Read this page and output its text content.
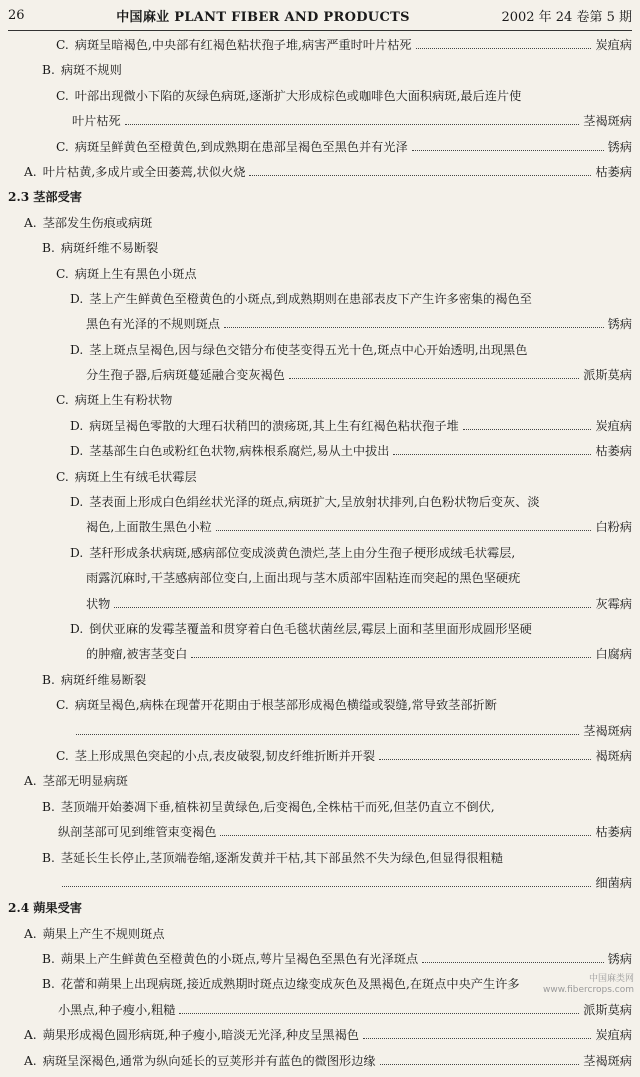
26	中国麻业 PLANT FIBER AND PRODUCTS	2002 年 24 卷第 5 期
C. 病斑呈暗褐色,中央部有红褐色粘状孢子堆,病害严重时叶片枯死	炭疽病
B. 病斑不规则
C. 叶部出现微小下陷的灰绿色病斑,逐渐扩大形成棕色或咖啡色大面积病斑,最后连片使
叶片枯死	茎褐斑病
C. 病斑呈鲜黄色至橙黄色,到成熟期在患部呈褐色至黑色并有光泽	锈病
A. 叶片枯黄,多成片或全田萎蔫,状似火烧	枯萎病
2.3 茎部受害
A. 茎部发生伤痕或病斑
B. 病斑纤维不易断裂
C. 病斑上生有黑色小斑点
D. 茎上产生鲜黄色至橙黄色的小斑点,到成熟期则在患部表皮下产生许多密集的褐色至
黑色有光泽的不规则斑点	锈病
D. 茎上斑点呈褐色,因与绿色交错分布使茎变得五光十色,斑点中心开始透明,出现黑色
分生孢子器,后病斑蔓延融合变灰褐色	派斯莫病
C. 病斑上生有粉状物
D. 病斑呈褐色零散的大理石状稍凹的溃疡斑,其上生有红褐色粘状孢子堆	炭疽病
D. 茎基部生白色或粉红色状物,病株根系腐烂,易从土中拔出	枯萎病
C. 病斑上生有绒毛状霉层
D. 茎表面上形成白色绢丝状光泽的斑点,病斑扩大,呈放射状排列,白色粉状物后变灰、淡
褐色,上面散生黑色小粒	白粉病
D. 茎秆形成条状病斑,感病部位变成淡黄色溃烂,茎上由分生孢子梗形成绒毛状霉层,
雨露沉麻时,干茎感病部位变白,上面出现与茎木质部牢固粘连而突起的黑色坚硬疣
状物	灰霉病
D. 倒伏亚麻的发霉茎覆盖和贯穿着白色毛毯状菌丝层,霉层上面和茎里面形成圆形坚硬
的肿瘤,被害茎变白	白腐病
B. 病斑纤维易断裂
C. 病斑呈褐色,病株在现蕾开花期由于根茎部形成褐色横缢或裂缝,常导致茎部折断
茎褐斑病
C. 茎上形成黑色突起的小点,表皮破裂,韧皮纤维折断并开裂	褐斑病
A. 茎部无明显病斑
B. 茎顶端开始萎凋下垂,植株初呈黄绿色,后变褐色,全株枯干而死,但茎仍直立不倒伏,
纵剖茎部可见到维管束变褐色	枯萎病
B. 茎延长生长停止,茎顶端卷缩,逐渐发黄并干枯,其下部虽然不失为绿色,但显得很粗糙
细菌病
2.4 蒴果受害
A. 蒴果上产生不规则斑点
B. 蒴果上产生鲜黄色至橙黄色的小斑点,萼片呈褐色至黑色有光泽斑点	锈病
B. 花蕾和蒴果上出现病斑,接近成熟期时斑点边缘变成灰色及黑褐色,在斑点中央产生许多
小黑点,种子瘦小,粗糙	派斯莫病
A. 蒴果形成褐色圆形病斑,种子瘦小,暗淡无光泽,种皮呈黑褐色	炭疽病
A. 病斑呈深褐色,通常为纵向延长的豆荚形并有蓝色的微图形边缘	茎褐斑病
中国麻类网
www.fibercrops.com
